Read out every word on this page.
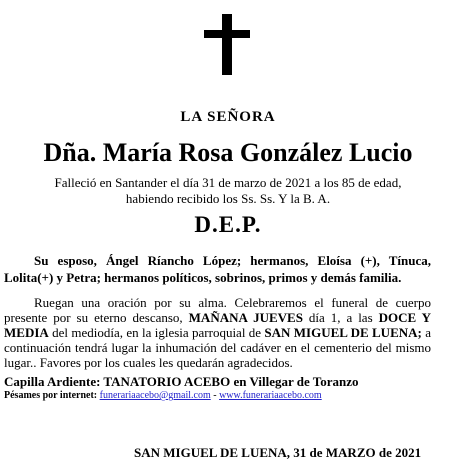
LA SEÑORA
Dña. María Rosa González Lucio
Falleció en Santander el día 31 de marzo de 2021 a los 85 de edad,
habiendo recibido los Ss. Ss. Y la B. A.
D.E.P.
Su esposo, Ángel Ríancho López; hermanos, Eloísa (+), Tínuca, Lolita(+) y Petra; hermanos políticos, sobrinos, primos y demás familia.
Ruegan una oración por su alma. Celebraremos el funeral de cuerpo presente por su eterno descanso, MAÑANA JUEVES día 1, a las DOCE Y MEDIA del mediodía, en la iglesia parroquial de SAN MIGUEL DE LUENA; a continuación tendrá lugar la inhumación del cadáver en el cementerio del mismo lugar.. Favores por los cuales les quedarán agradecidos.
Capilla Ardiente: TANATORIO ACEBO en Villegar de Toranzo
Pésames por internet: funerariaacebo@gmail.com - www.funerariaacebo.com
SAN MIGUEL DE LUENA, 31 de MARZO de 2021
